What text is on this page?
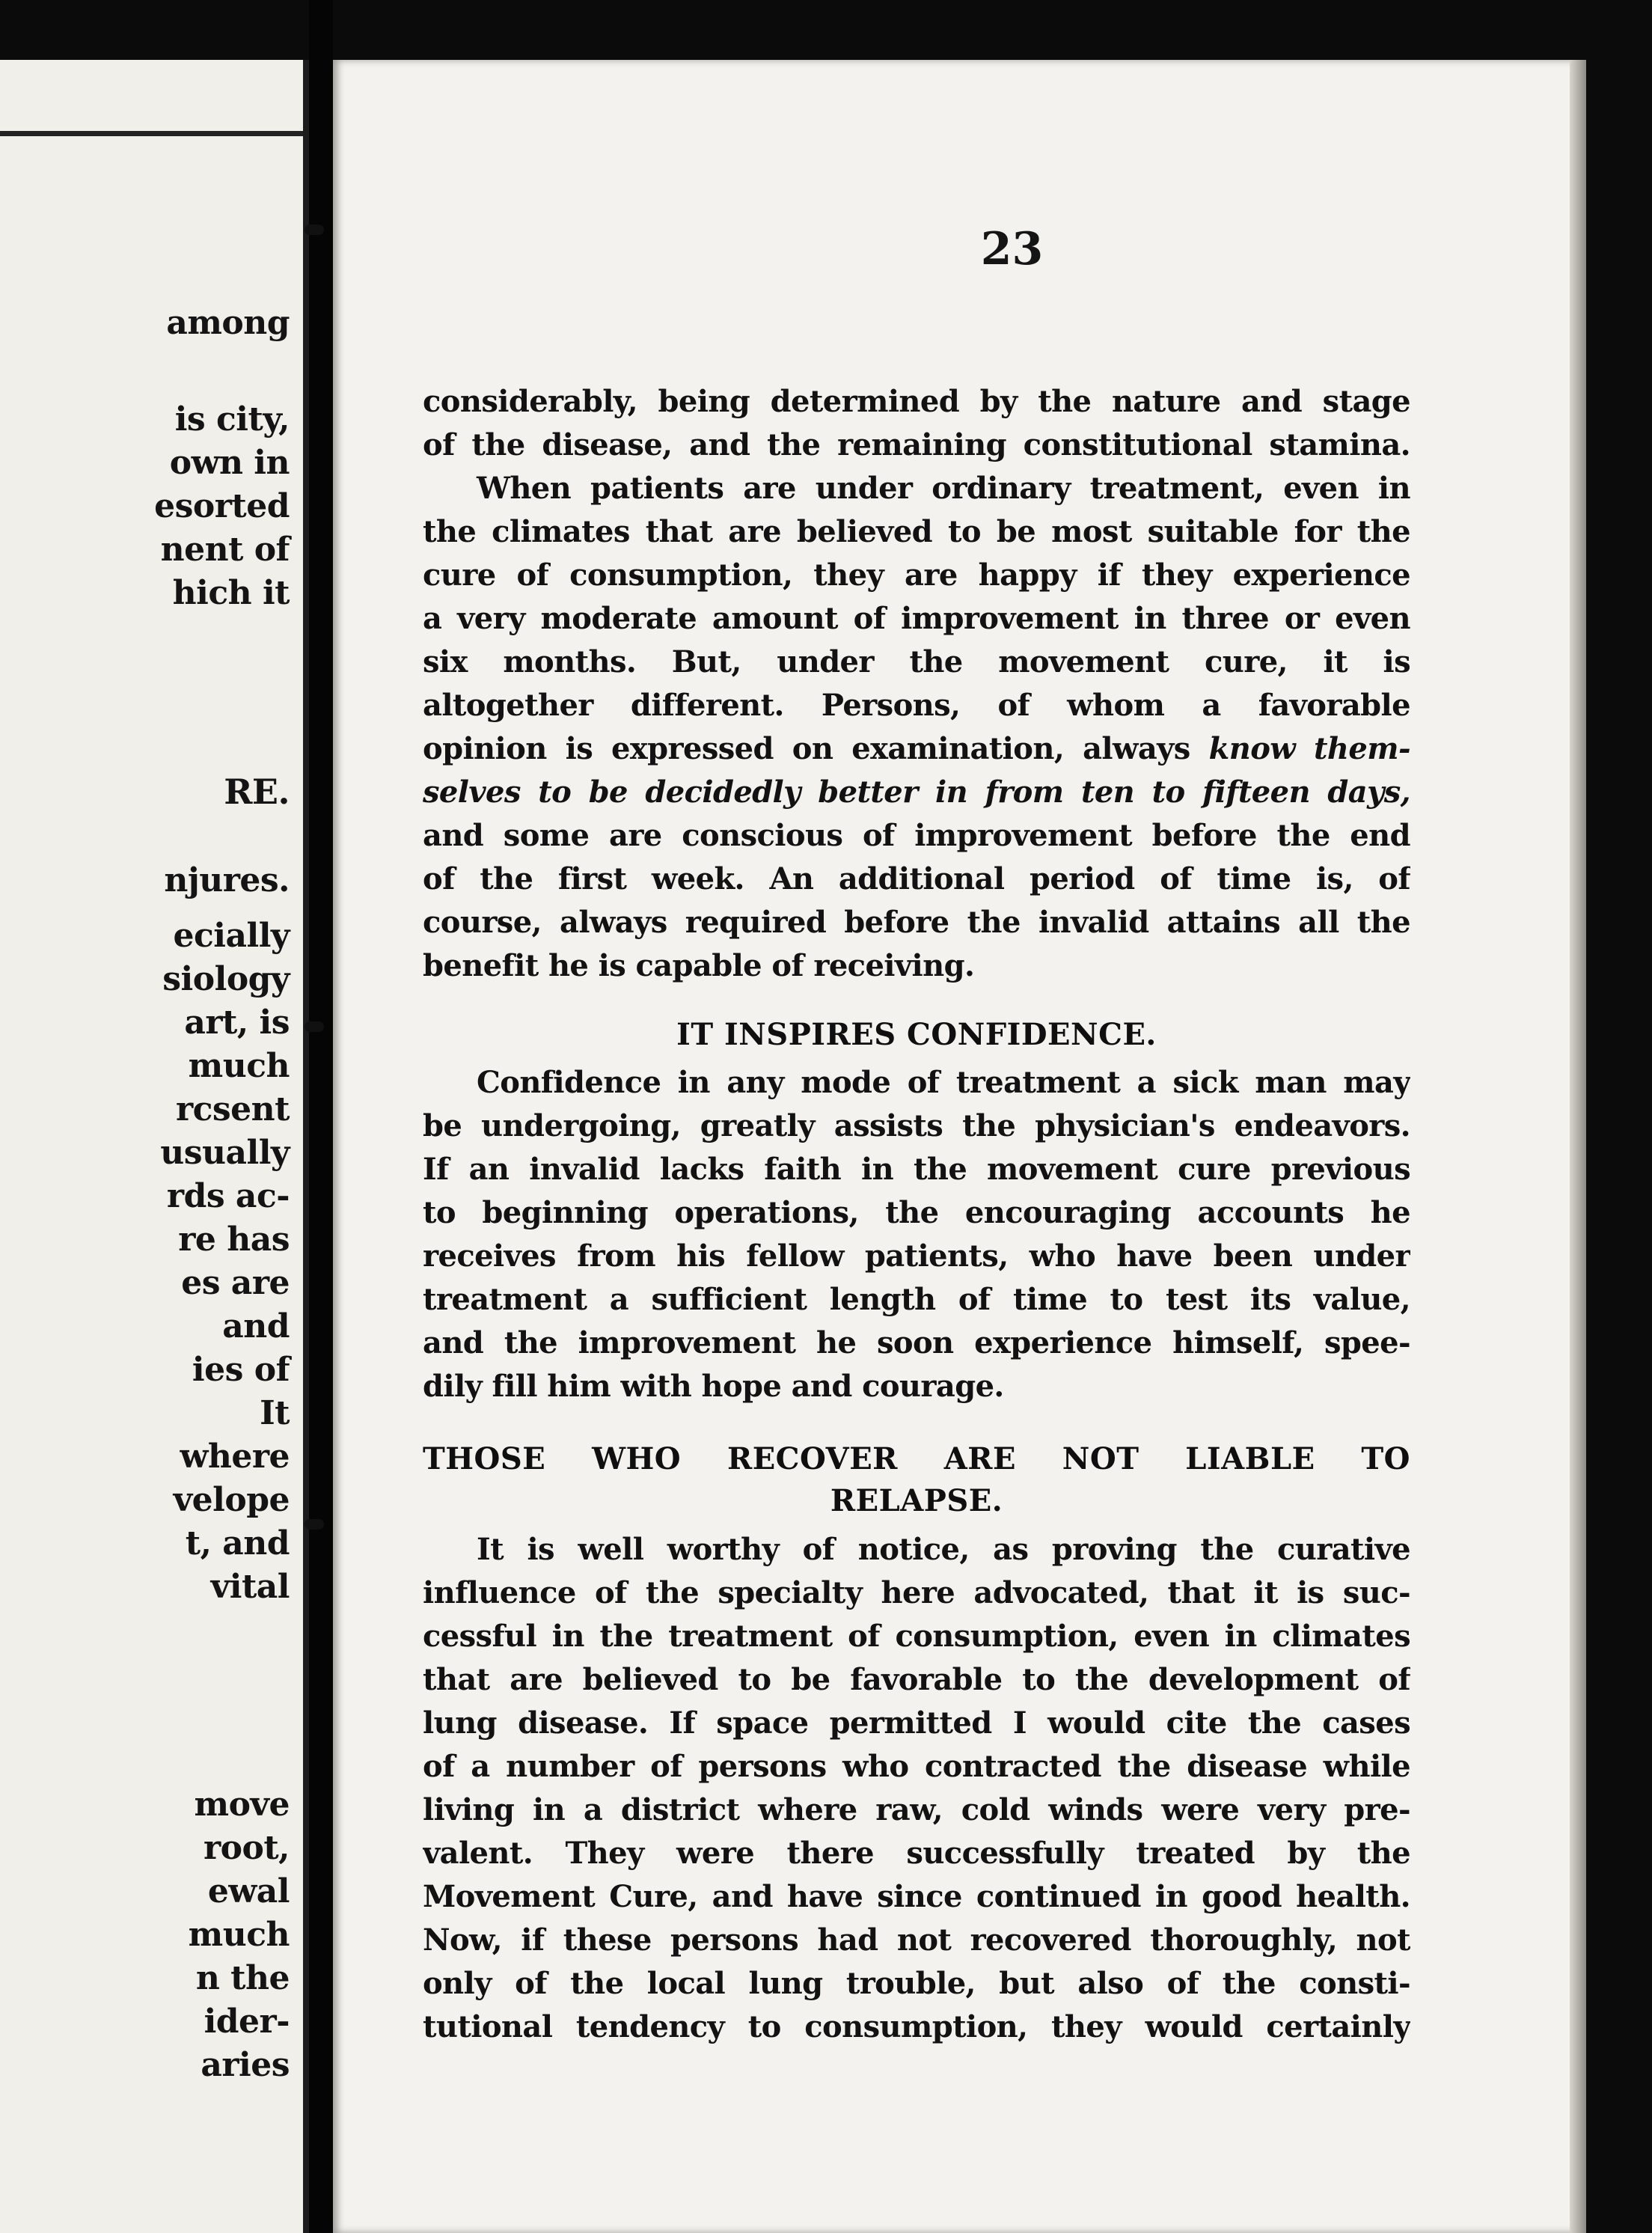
among
is city,
own in
esorted
nent of
hich it
RE.
njures.
ecially
siology
art, is
much
rcsent
usually
rds ac-
re has
es are
and
ies of
It
where
velope
t, and
vital
move
root,
ewal
much
n the
ider-
aries
23
considerably, being determined by the nature and stage
of the disease, and the remaining constitutional stamina.
When patients are under ordinary treatment, even in
the climates that are believed to be most suitable for the
cure of consumption, they are happy if they experience
a very moderate amount of improvement in three or even
six months. But, under the movement cure, it is
altogether different. Persons, of whom a favorable
opinion is expressed on examination, always know them-
selves to be decidedly better in from ten to fifteen days,
and some are conscious of improvement before the end
of the first week. An additional period of time is, of
course, always required before the invalid attains all the
benefit he is capable of receiving.
IT INSPIRES CONFIDENCE.
Confidence in any mode of treatment a sick man may
be undergoing, greatly assists the physician's endeavors.
If an invalid lacks faith in the movement cure previous
to beginning operations, the encouraging accounts he
receives from his fellow patients, who have been under
treatment a sufficient length of time to test its value,
and the improvement he soon experience himself, spee-
dily fill him with hope and courage.
THOSE WHO RECOVER ARE NOT LIABLE TO
RELAPSE.
It is well worthy of notice, as proving the curative
influence of the specialty here advocated, that it is suc-
cessful in the treatment of consumption, even in climates
that are believed to be favorable to the development of
lung disease. If space permitted I would cite the cases
of a number of persons who contracted the disease while
living in a district where raw, cold winds were very pre-
valent. They were there successfully treated by the
Movement Cure, and have since continued in good health.
Now, if these persons had not recovered thoroughly, not
only of the local lung trouble, but also of the consti-
tutional tendency to consumption, they would certainly
